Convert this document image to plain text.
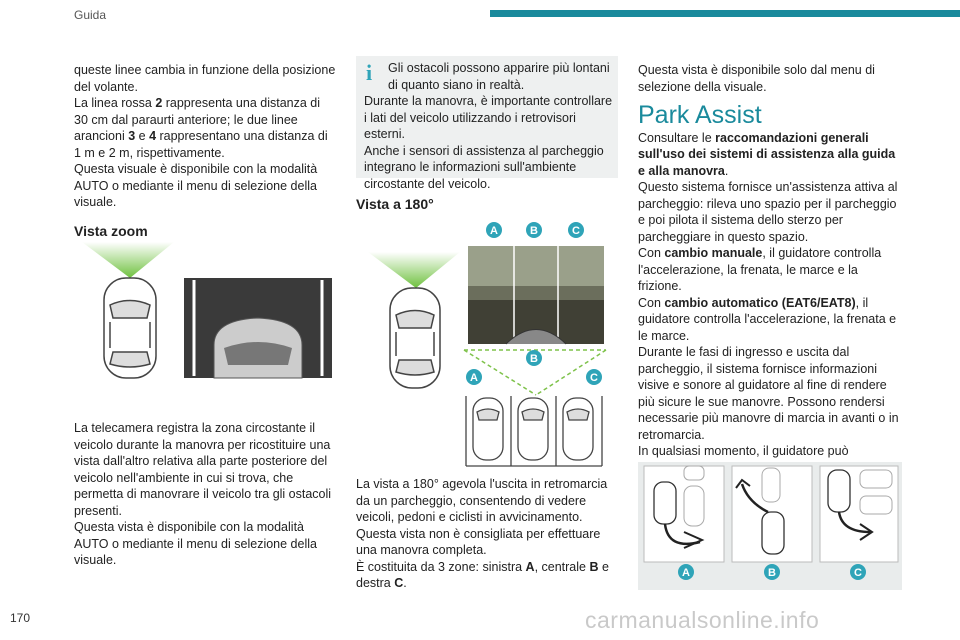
Guida

queste linee cambia in funzione della posizione

del volante.

La linea rossa 2 rappresenta una distanza di 30 cm dal paraurti anteriore; le due linee arancioni 3 e 4 rappresentano una distanza di 1 m e 2 m, rispettivamente.

Questa visuale è disponibile con la modalità AUTO o mediante il menu di selezione della visuale.

Vista zoom

La telecamera registra la zona circostante il veicolo durante la manovra per ricostituire una vista dall'altro relativa alla parte posteriore del veicolo nell'ambiente in cui si trova, che permetta di manovrare il veicolo tra gli ostacoli presenti.

Questa vista è disponibile con la modalità AUTO o mediante il menu di selezione della visuale.

i	Gli ostacoli possono apparire più lontani di quanto siano in realtà.

Durante la manovra, è importante controllare i lati del veicolo utilizzando i retrovisori esterni.

Anche i sensori di assistenza al parcheggio integrano le informazioni sull'ambiente circostante del veicolo.

Vista a 180°
A	B	C
B
A	C

La vista a 180° agevola l'uscita in retromarcia da un parcheggio, consentendo di vedere veicoli, pedoni e ciclisti in avvicinamento.

Questa vista non è consigliata per effettuare una manovra completa.

È costituita da 3 zone: sinistra A, centrale B e destra C.

Questa vista è disponibile solo dal menu di selezione della visuale.

Park Assist

Consultare le raccomandazioni generali sull'uso dei sistemi di assistenza alla guida e alla manovra.

Questo sistema fornisce un'assistenza attiva al parcheggio: rileva uno spazio per il parcheggio e poi pilota il sistema dello sterzo per parcheggiare in questo spazio.

Con cambio manuale, il guidatore controlla l'accelerazione, la frenata, le marce e la frizione.

Con cambio automatico (EAT6/EAT8), il guidatore controlla l'accelerazione, la frenata e le marce.

Durante le fasi di ingresso e uscita dal parcheggio, il sistema fornisce informazioni visive e sonore al guidatore al fine di rendere più sicure le sue manovre. Possono rendersi necessarie più manovre di marcia in avanti o in retromarcia.

In qualsiasi momento, il guidatore può

A	B	C
170	carmanualsonline.info
